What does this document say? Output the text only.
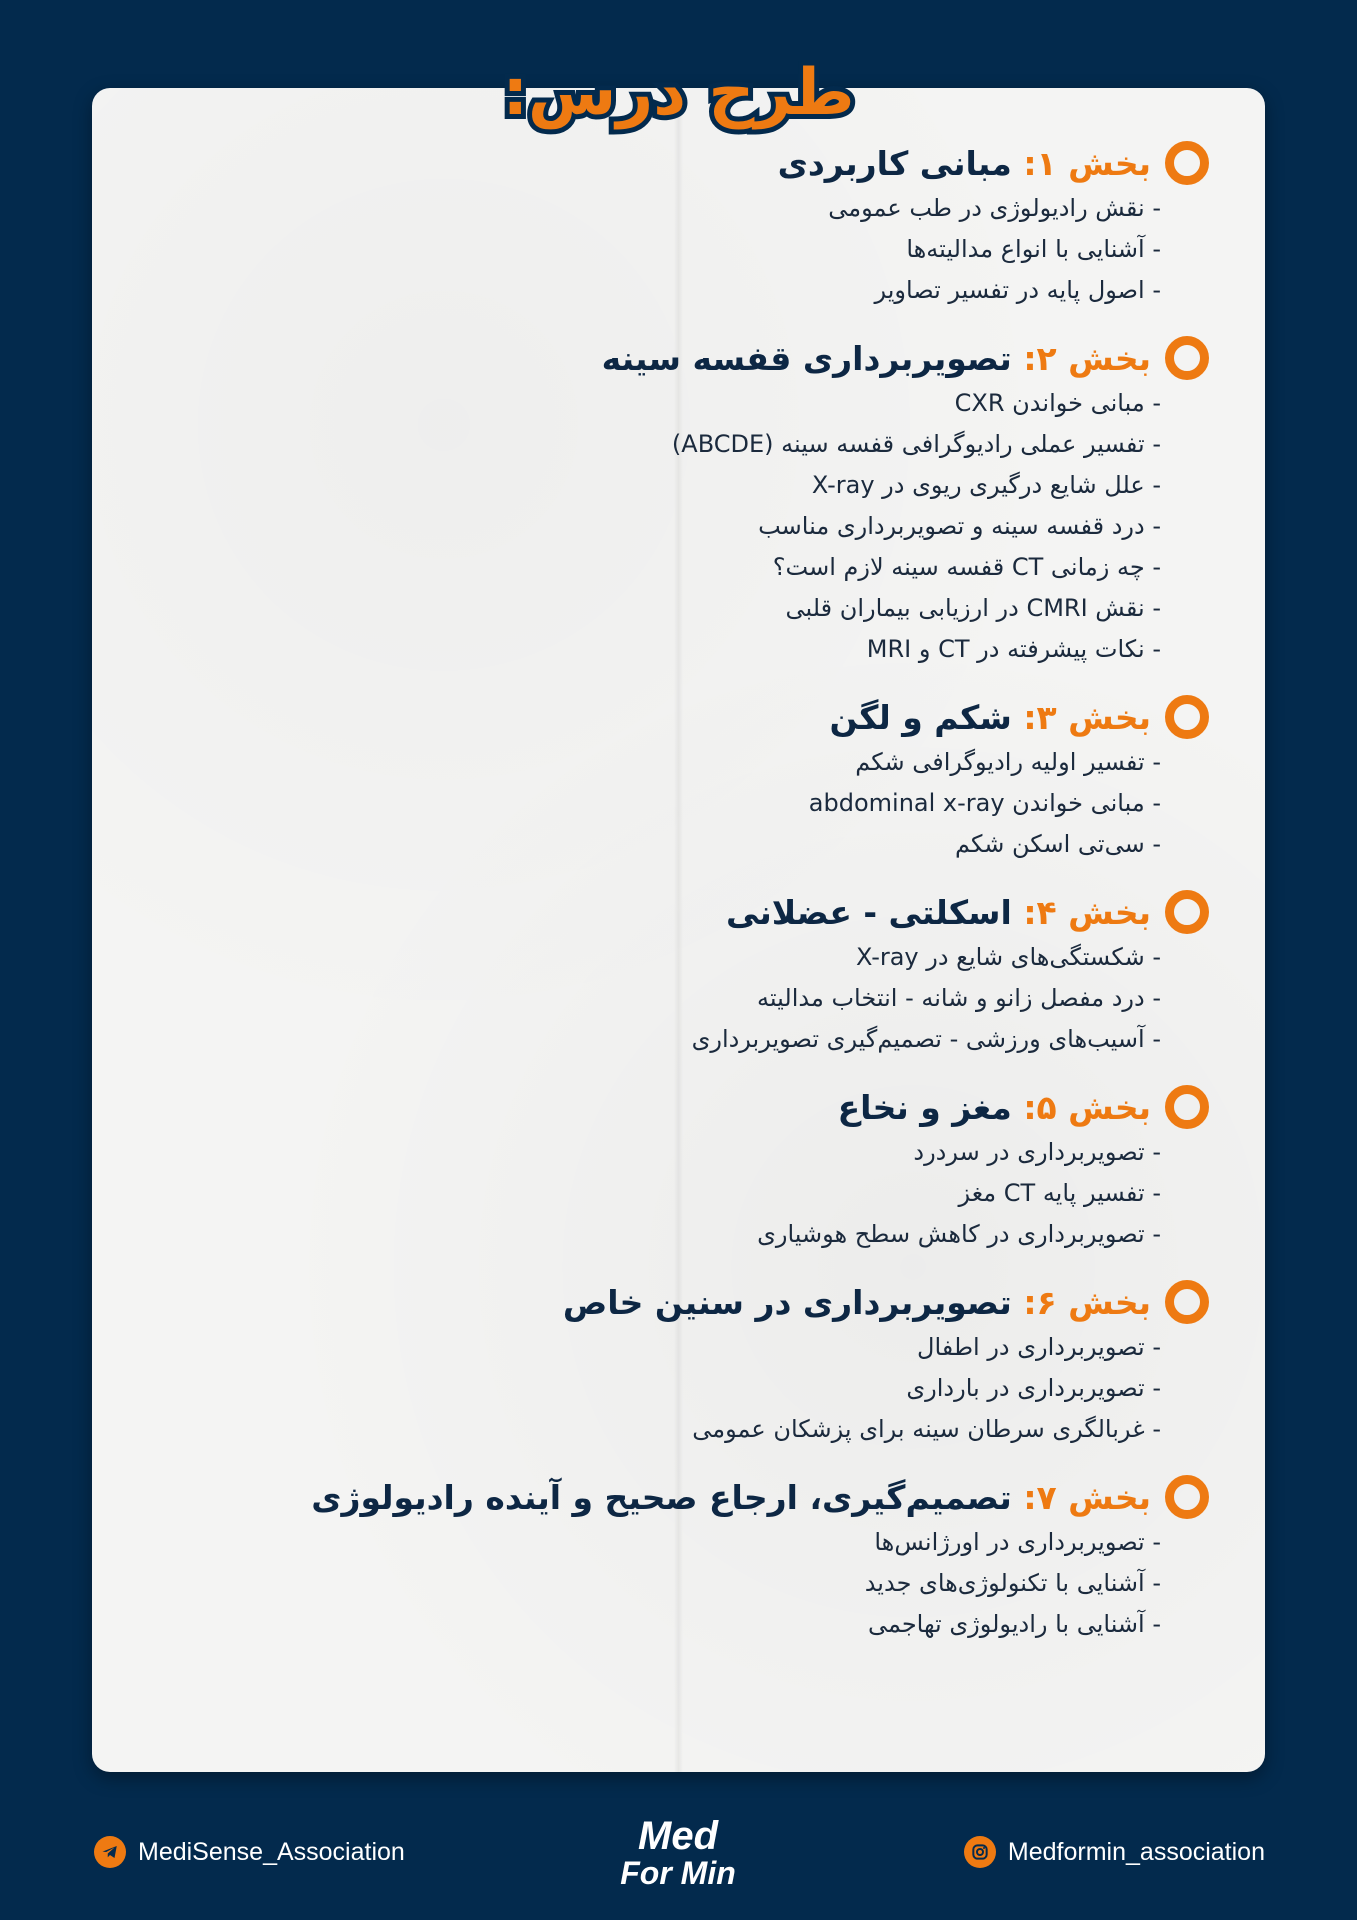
طرح درس:
بخش ۱: مبانی کاربردی
- نقش رادیولوژی در طب عمومی
- آشنایی با انواع مدالیته‌ها
- اصول پایه در تفسیر تصاویر
بخش ۲: تصویربرداری قفسه سینه
- مبانی خواندن CXR
- تفسیر عملی رادیوگرافی قفسه سینه (ABCDE)
- علل شایع درگیری ریوی در X-ray
- درد قفسه سینه و تصویربرداری مناسب
- چه زمانی CT قفسه سینه لازم است؟
- نقش CMRI در ارزیابی بیماران قلبی
- نکات پیشرفته در CT و MRI
بخش ۳: شکم و لگن
- تفسیر اولیه رادیوگرافی شکم
- مبانی خواندن abdominal x-ray
- سی‌تی اسکن شکم
بخش ۴: اسکلتی - عضلانی
- شکستگی‌های شایع در X-ray
- درد مفصل زانو و شانه - انتخاب مدالیته
- آسیب‌های ورزشی - تصمیم‌گیری تصویربرداری
بخش ۵: مغز و نخاع
- تصویربرداری در سردرد
- تفسیر پایه CT مغز
- تصویربرداری در کاهش سطح هوشیاری
بخش ۶: تصویربرداری در سنین خاص
- تصویربرداری در اطفال
- تصویربرداری در بارداری
- غربالگری سرطان سینه برای پزشکان عمومی
بخش ۷: تصمیم‌گیری، ارجاع صحیح و آینده رادیولوژی
- تصویربرداری در اورژانس‌ها
- آشنایی با تکنولوژی‌های جدید
- آشنایی با رادیولوژی تهاجمی
MediSense_Association	Med
For Min
Medformin_association
